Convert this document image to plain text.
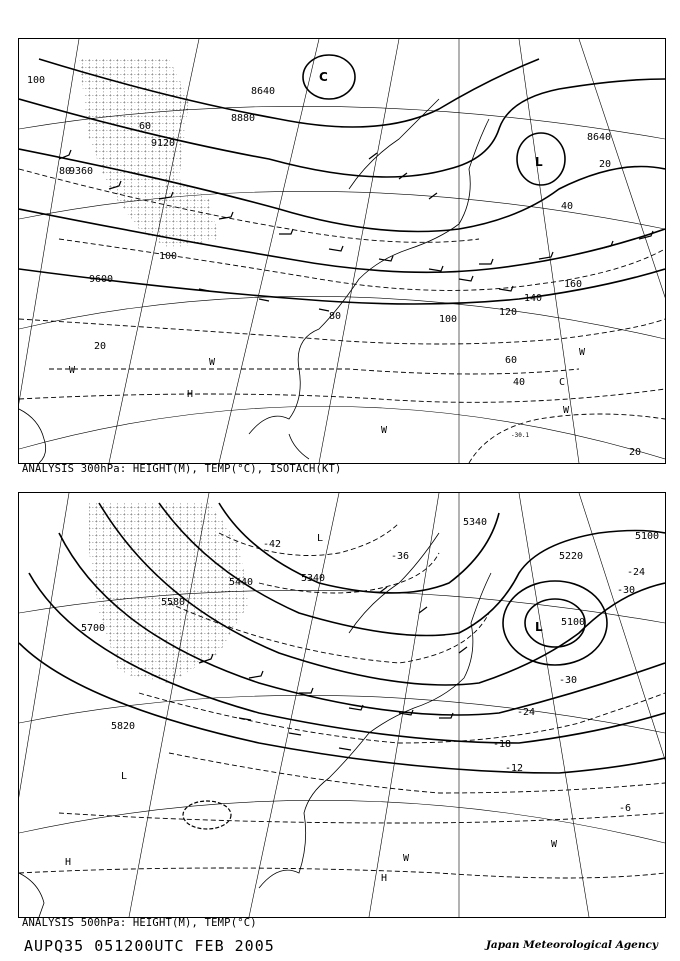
8640
8880
9120
9360
9600
8640
100
80
60
20
100
120
140
160
100
80
60
40
20
40
20
-30.1
L
C
C
H
W
W
W
W
W
ANALYSIS 300hPa: HEIGHT(M), TEMP(°C), ISOTACH(KT)
5100
5220
5340
5440
5580
5700
5820
5100
5340
-42
-36
-30
-24
-18
-12
-6
-30
-24
L
L
H
H
W
W
L
ANALYSIS 500hPa: HEIGHT(M), TEMP(°C)
AUPQ35 051200UTC FEB 2005	Japan Meteorological Agency
